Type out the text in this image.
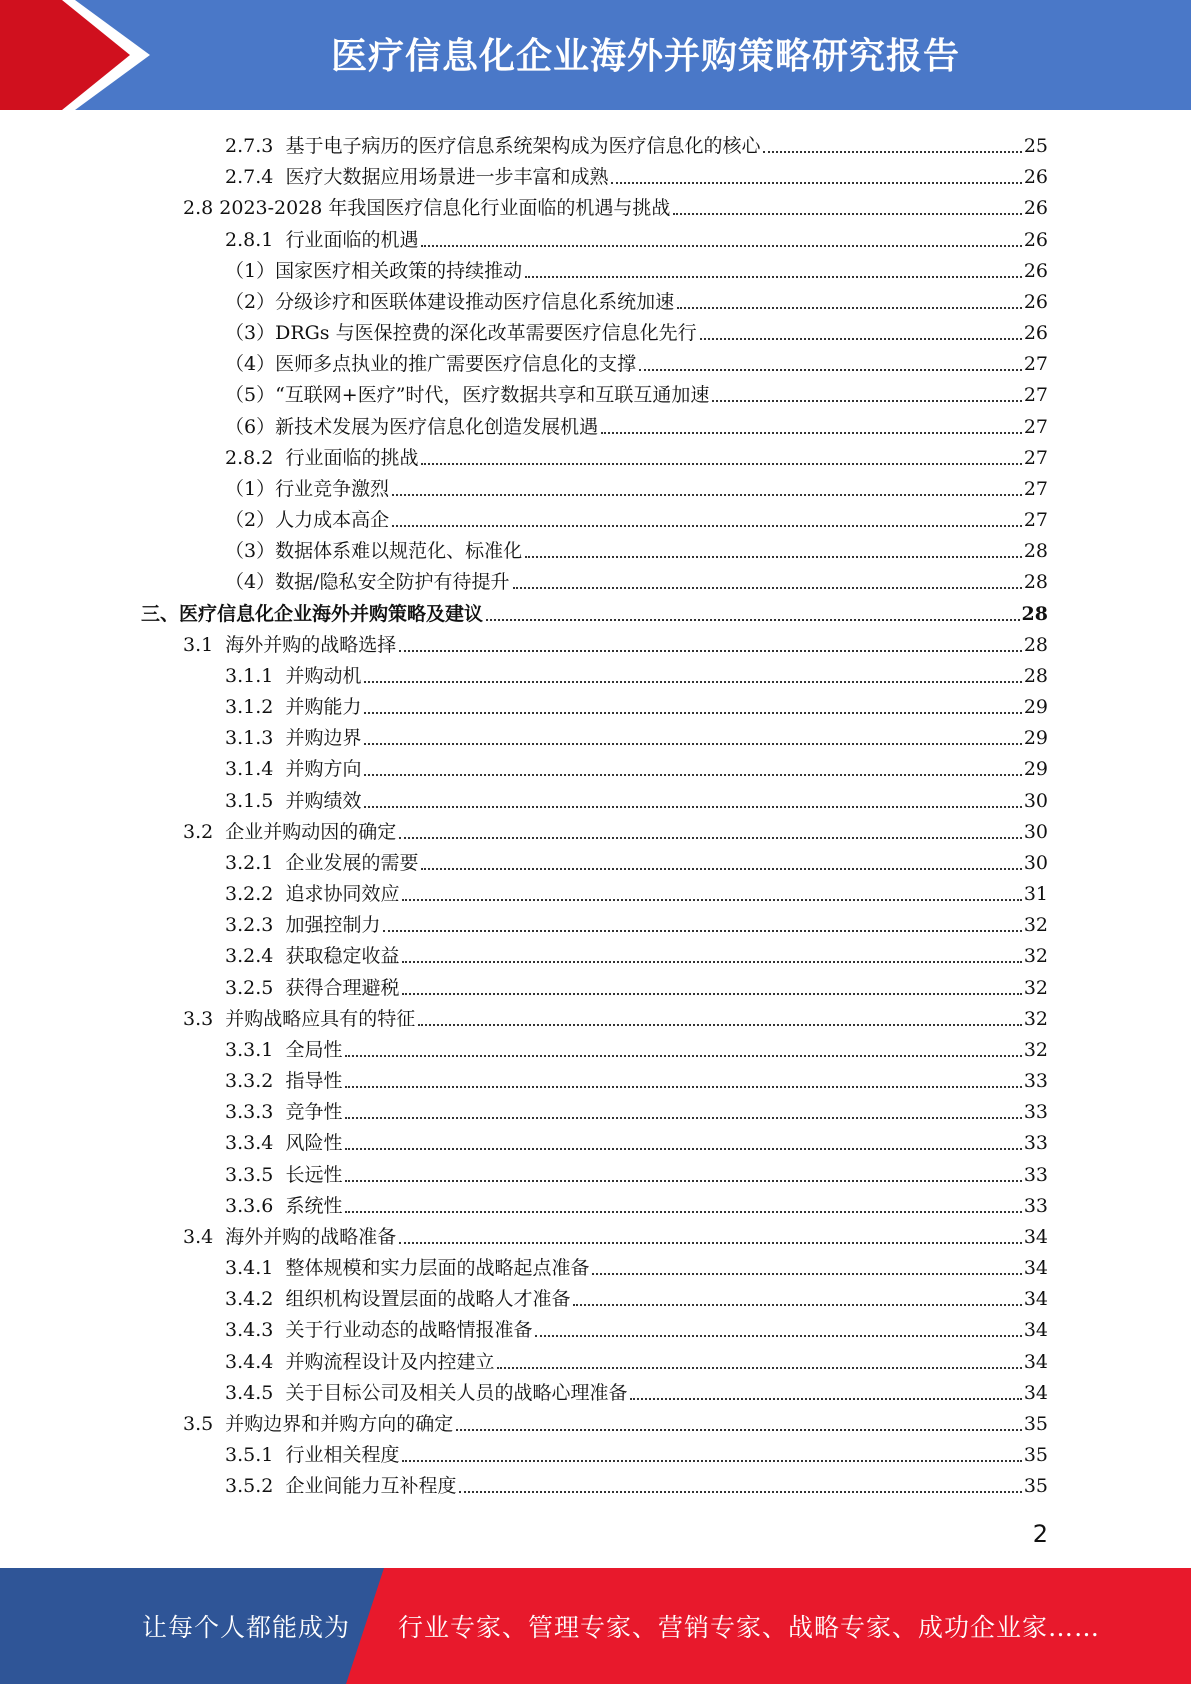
医疗信息化企业海外并购策略研究报告
2.7.3 基于电子病历的医疗信息系统架构成为医疗信息化的核心	25
2.7.4 医疗大数据应用场景进一步丰富和成熟	26
2.8 2023-2028 年我国医疗信息化行业面临的机遇与挑战	26
2.8.1 行业面临的机遇	26
（1）国家医疗相关政策的持续推动	26
（2）分级诊疗和医联体建设推动医疗信息化系统加速	26
（3）DRGs 与医保控费的深化改革需要医疗信息化先行	26
（4）医师多点执业的推广需要医疗信息化的支撑	27
（5）“互联网+医疗”时代，医疗数据共享和互联互通加速	27
（6）新技术发展为医疗信息化创造发展机遇	27
2.8.2 行业面临的挑战	27
（1）行业竞争激烈	27
（2）人力成本高企	27
（3）数据体系难以规范化、标准化	28
（4）数据/隐私安全防护有待提升	28
三、医疗信息化企业海外并购策略及建议	28
3.1 海外并购的战略选择	28
3.1.1 并购动机	28
3.1.2 并购能力	29
3.1.3 并购边界	29
3.1.4 并购方向	29
3.1.5 并购绩效	30
3.2 企业并购动因的确定	30
3.2.1 企业发展的需要	30
3.2.2 追求协同效应	31
3.2.3 加强控制力	32
3.2.4 获取稳定收益	32
3.2.5 获得合理避税	32
3.3 并购战略应具有的特征	32
3.3.1 全局性	32
3.3.2 指导性	33
3.3.3 竞争性	33
3.3.4 风险性	33
3.3.5 长远性	33
3.3.6 系统性	33
3.4 海外并购的战略准备	34
3.4.1 整体规模和实力层面的战略起点准备	34
3.4.2 组织机构设置层面的战略人才准备	34
3.4.3 关于行业动态的战略情报准备	34
3.4.4 并购流程设计及内控建立	34
3.4.5 关于目标公司及相关人员的战略心理准备	34
3.5 并购边界和并购方向的确定	35
3.5.1 行业相关程度	35
3.5.2 企业间能力互补程度	35
2
让每个人都能成为 行业专家、管理专家、营销专家、战略专家、成功企业家……
